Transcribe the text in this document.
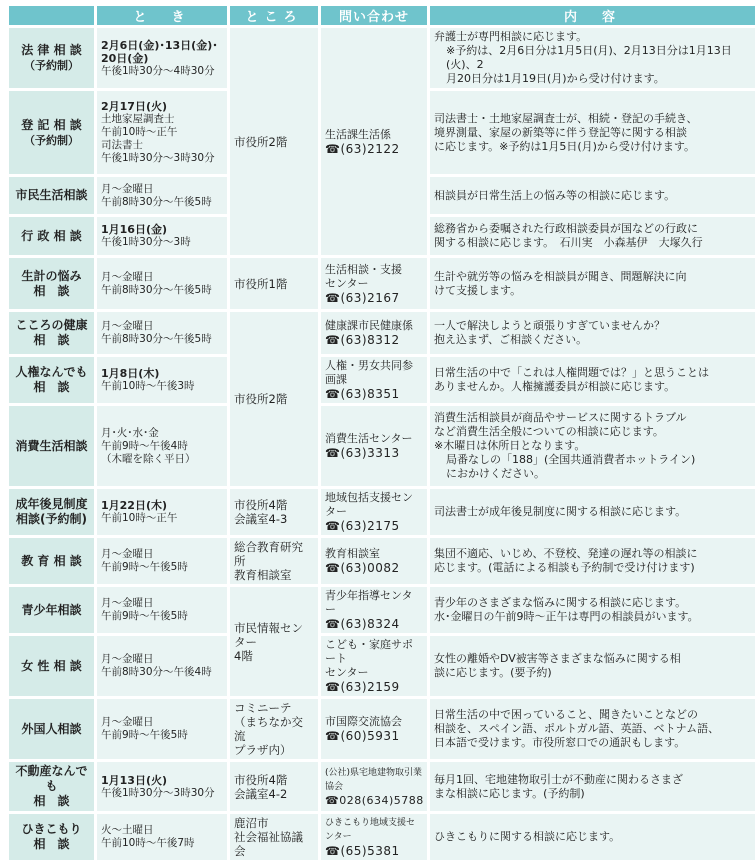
	と　き	ところ	問い合わせ	内　容

法 律 相 談
（予約制）	2月6日(金)･13日(金)･
20日(金)
午後1時30分～4時30分	市役所2階	生活課生活係
☎(63)2122	弁護士が専門相談に応じます。
※予約は、2月6日分は1月5日(月)、2月13日分は1月13日(火)、2
月20日分は1月19日(月)から受け付けます。

登 記 相 談
（予約制）	2月17日(火)
土地家屋調査士
午前10時～正午
司法書士
午後1時30分～3時30分			司法書士・土地家屋調査士が、相続・登記の手続き、
境界測量、家屋の新築等に伴う登記等に関する相談
に応じます。※予約は1月5日(月)から受け付けます。

市民生活相談	月～金曜日
午前8時30分～午後5時			相談員が日常生活上の悩み等の相談に応じます。

行 政 相 談	1月16日(金)
午後1時30分～3時			総務省から委嘱された行政相談委員が国などの行政に
関する相談に応じます。　石川実　小森基伊　大塚久行

生計の悩み
相　談	月～金曜日
午前8時30分～午後5時	市役所1階	生活相談・支援
センター
☎(63)2167	生計や就労等の悩みを相談員が聞き、問題解決に向
けて支援します。

こころの健康
相　談	月～金曜日
午前8時30分～午後5時	市役所2階	健康課市民健康係
☎(63)8312	一人で解決しようと頑張りすぎていませんか？
抱え込まず、ご相談ください。

人権なんでも
相　談	1月8日(木)
午前10時～午後3時		人権・男女共同参画課
☎(63)8351	日常生活の中で「これは人権問題では？」と思うことは
ありませんか。人権擁護委員が相談に応じます。

消費生活相談	月･火･水･金
午前9時～午後4時
（木曜を除く平日）		消費生活センター
☎(63)3313	消費生活相談員が商品やサービスに関するトラブル
など消費生活全般についての相談に応じます。
※木曜日は休所日となります。
局番なしの「188」(全国共通消費者ホットライン)
におかけください。

成年後見制度
相談(予約制)	1月22日(木)
午前10時～正午	市役所4階
会議室4-3	地域包括支援センター
☎(63)2175	司法書士が成年後見制度に関する相談に応じます。

教 育 相 談	月～金曜日
午前9時～午後5時	総合教育研究所
教育相談室	教育相談室
☎(63)0082	集団不適応、いじめ、不登校、発達の遅れ等の相談に
応じます。(電話による相談も予約制で受け付けます)

青少年相談	月～金曜日
午前9時～午後5時	市民情報センター
4階	青少年指導センター
☎(63)8324	青少年のさまざまな悩みに関する相談に応じます。
水･金曜日の午前9時～正午は専門の相談員がいます。

女 性 相 談	月～金曜日
午前8時30分～午後4時		こども・家庭サポート
センター
☎(63)2159	女性の離婚やDV被害等さまざまな悩みに関する相
談に応じます。(要予約)

外国人相談	月～金曜日
午前9時～午後5時	コミニーテ
（まちなか交流
プラザ内）	市国際交流協会
☎(60)5931	日常生活の中で困っていること、聞きたいことなどの
相談を、スペイン語、ポルトガル語、英語、ベトナム語、
日本語で受けます。市役所窓口での通訳もします。

不動産なんでも
相　談	1月13日(火)
午後1時30分～3時30分	市役所4階
会議室4-2	(公社)県宅地建物取引業協会
☎028(634)5788	毎月1回、宅地建物取引士が不動産に関わるさまざ
まな相談に応じます。(予約制)

ひきこもり
相　談	火～土曜日
午前10時～午後7時	鹿沼市
社会福祉協議会	ひきこもり地域支援センター
☎(65)5381	ひきこもりに関する相談に応じます。
